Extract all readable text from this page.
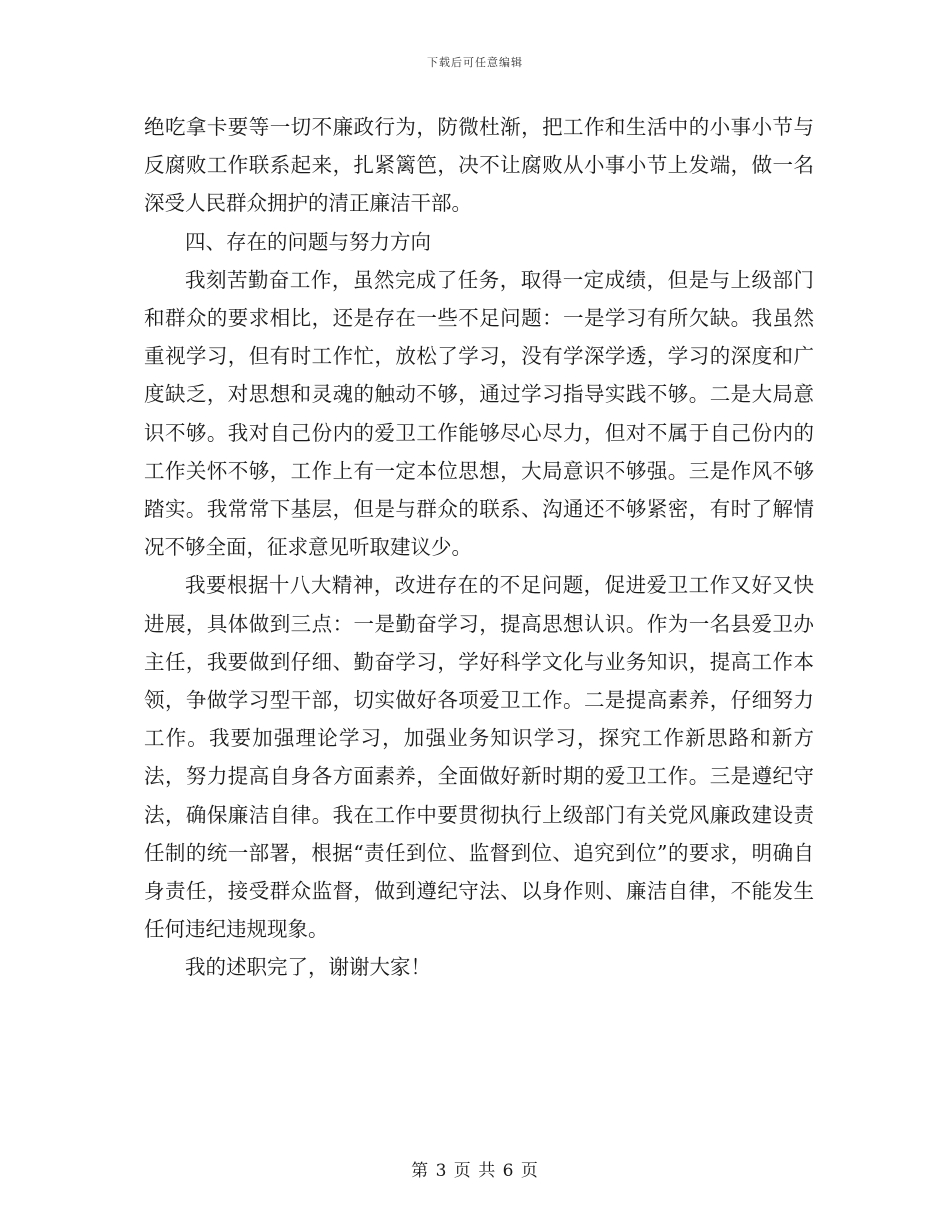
下载后可任意编辑

绝吃拿卡要等一切不廉政行为，防微杜渐，把工作和生活中的小事小节与反腐败工作联系起来，扎紧篱笆，决不让腐败从小事小节上发端，做一名深受人民群众拥护的清正廉洁干部。

四、存在的问题与努力方向

我刻苦勤奋工作，虽然完成了任务，取得一定成绩，但是与上级部门和群众的要求相比，还是存在一些不足问题：一是学习有所欠缺。我虽然重视学习，但有时工作忙，放松了学习，没有学深学透，学习的深度和广度缺乏，对思想和灵魂的触动不够，通过学习指导实践不够。二是大局意识不够。我对自己份内的爱卫工作能够尽心尽力，但对不属于自己份内的工作关怀不够，工作上有一定本位思想，大局意识不够强。三是作风不够踏实。我常常下基层，但是与群众的联系、沟通还不够紧密，有时了解情况不够全面，征求意见听取建议少。

我要根据十八大精神，改进存在的不足问题，促进爱卫工作又好又快进展，具体做到三点：一是勤奋学习，提高思想认识。作为一名县爱卫办主任，我要做到仔细、勤奋学习，学好科学文化与业务知识，提高工作本领，争做学习型干部，切实做好各项爱卫工作。二是提高素养，仔细努力工作。我要加强理论学习，加强业务知识学习，探究工作新思路和新方法，努力提高自身各方面素养，全面做好新时期的爱卫工作。三是遵纪守法，确保廉洁自律。我在工作中要贯彻执行上级部门有关党风廉政建设责任制的统一部署，根据“责任到位、监督到位、追究到位”的要求，明确自身责任，接受群众监督，做到遵纪守法、以身作则、廉洁自律，不能发生任何违纪违规现象。

我的述职完了，谢谢大家！

第 3 页 共 6 页
